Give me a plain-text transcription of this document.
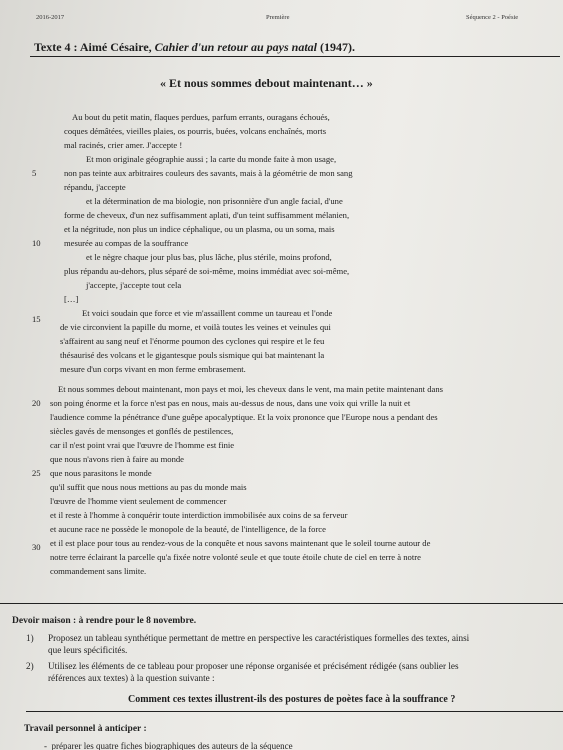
2016-2017	Première	Séquence 2 - Poésie
Texte 4 : Aimé Césaire, Cahier d'un retour au pays natal (1947).
« Et nous sommes debout maintenant… »
Au bout du petit matin, flaques perdues, parfum errants, ouragans échoués,
coques démâtées, vieilles plaies, os pourris, buées, volcans enchaînés, morts
mal racinés, crier amer. J'accepte !
Et mon originale géographie aussi ; la carte du monde faite à mon usage,
non pas teinte aux arbitraires couleurs des savants, mais à la géométrie de mon sang
répandu, j'accepte
et la détermination de ma biologie, non prisonnière d'un angle facial, d'une
forme de cheveux, d'un nez suffisamment aplati, d'un teint suffisamment mélanien,
et la négritude, non plus un indice céphalique, ou un plasma, ou un soma, mais
mesurée au compas de la souffrance
et le nègre chaque jour plus bas, plus lâche, plus stérile, moins profond,
plus répandu au-dehors, plus séparé de soi-même, moins immédiat avec soi-même,
j'accepte, j'accepte tout cela
[…]
Et voici soudain que force et vie m'assaillent comme un taureau et l'onde
de vie circonvient la papille du morne, et voilà toutes les veines et veinules qui
s'affairent au sang neuf et l'énorme poumon des cyclones qui respire et le feu
thésaurisé des volcans et le gigantesque pouls sismique qui bat maintenant la
mesure d'un corps vivant en mon ferme embrasement.
Et nous sommes debout maintenant, mon pays et moi, les cheveux dans le vent, ma main petite maintenant dans
son poing énorme et la force n'est pas en nous, mais au-dessus de nous, dans une voix qui vrille la nuit et
l'audience comme la pénétrance d'une guêpe apocalyptique. Et la voix prononce que l'Europe nous a pendant des
siècles gavés de mensonges et gonflés de pestilences,
car il n'est point vrai que l'œuvre de l'homme est finie
que nous n'avons rien à faire au monde
que nous parasitons le monde
qu'il suffit que nous nous mettions au pas du monde mais
l'œuvre de l'homme vient seulement de commencer
et il reste à l'homme à conquérir toute interdiction immobilisée aux coins de sa ferveur
et aucune race ne possède le monopole de la beauté, de l'intelligence, de la force
et il est place pour tous au rendez-vous de la conquête et nous savons maintenant que le soleil tourne autour de
notre terre éclairant la parcelle qu'a fixée notre volonté seule et que toute étoile chute de ciel en terre à notre
commandement sans limite.
5
10
15
20
25
30
Devoir maison : à rendre pour le 8 novembre.
1) Proposez un tableau synthétique permettant de mettre en perspective les caractéristiques formelles des textes, ainsi
que leurs spécificités.
2) Utilisez les éléments de ce tableau pour proposer une réponse organisée et précisément rédigée (sans oublier les
références aux textes) à la question suivante :
Comment ces textes illustrent-ils des postures de poètes face à la souffrance ?
Travail personnel à anticiper :
-  préparer les quatre fiches biographiques des auteurs de la séquence
